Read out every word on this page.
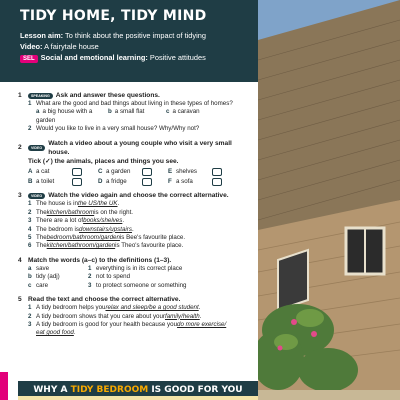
TIDY HOME, TIDY MIND
Lesson aim: To think about the positive impact of tidying
Video: A fairytale house
SEL Social and emotional learning: Positive attitudes
1	SPEAKING Ask and answer these questions.
1 What are the good and bad things about living in these types of homes?
a a big house with a garden
b a small flat	c a caravan
2 Would you like to live in a very small house? Why/Why not?
2	VIDEO
Watch a video about a young couple who visit a very small house.
Tick (✓) the animals, places and things you see.
A a cat	C a garden	E shelves
B a toilet	D a fridge	F a sofa
3	VIDEO Watch the video again and choose the correct alternative.
1 The house is in the US/the UK .
2 The kitchen/bathroom is on the right.
3 There are a lot of books/shelves .
4 The bedroom is downstairs/upstairs .
5 The bedroom/bathroom/garden is Bee's favourite place.
6 The kitchen/bathroom/garden is Theo's favourite place.
4 Match the words (a–c) to the definitions (1–3).
a save	1 everything is in its correct place
b tidy (adj)	2 not to spend
c care	3 to protect someone or something
5 Read the text and choose the correct alternative.
1 A tidy bedroom helps you relax and sleep/be a good student .
2 A tidy bedroom shows that you care about your family/health .
3 A tidy bedroom is good for your health because you do more exercise/
eat good food .
WHY A TIDY BEDROOM IS GOOD FOR YOU
